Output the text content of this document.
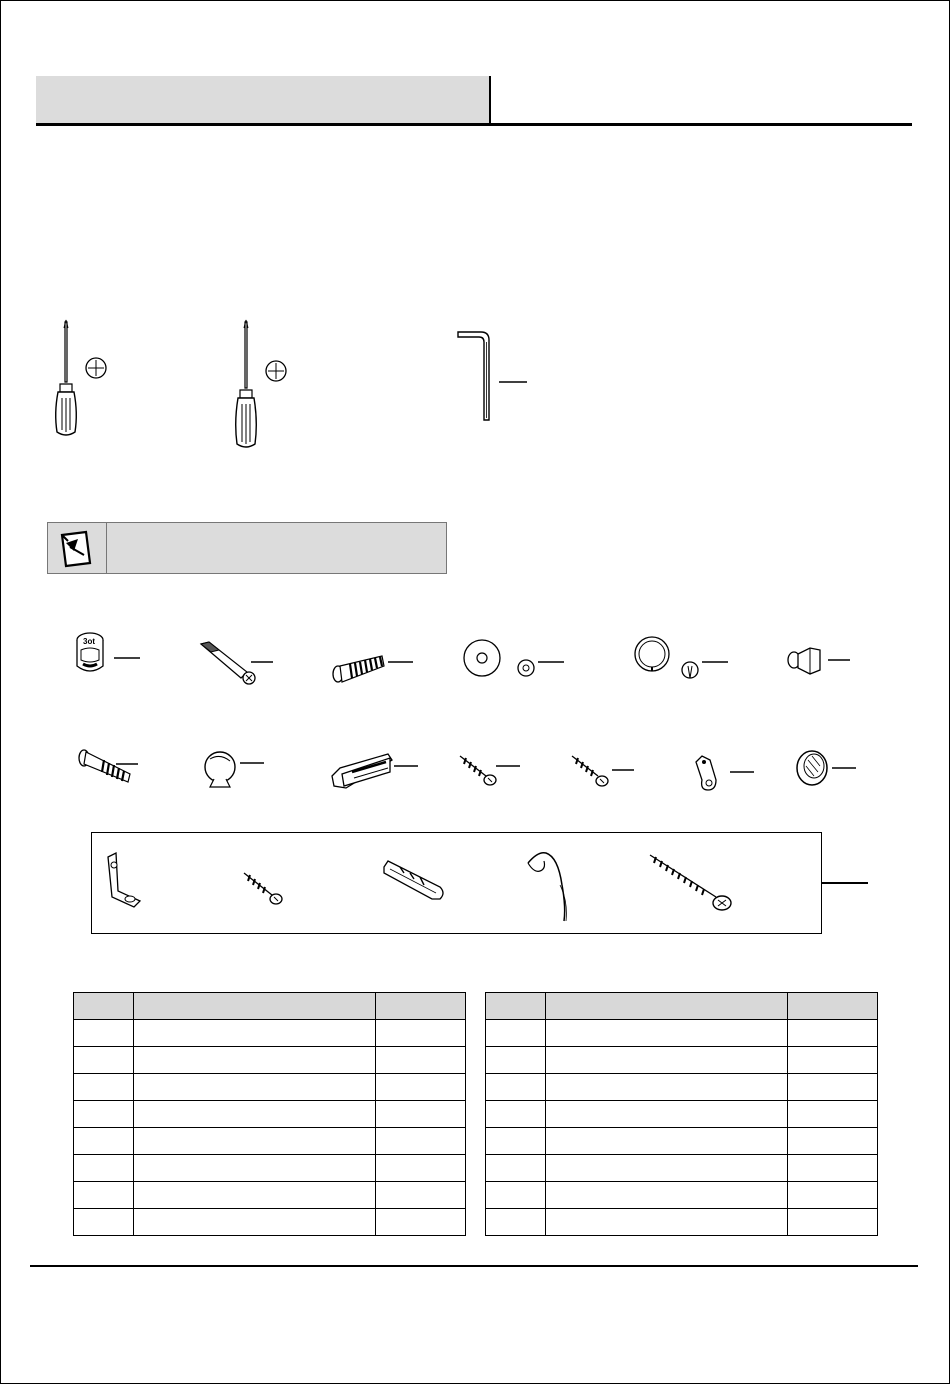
3ot
